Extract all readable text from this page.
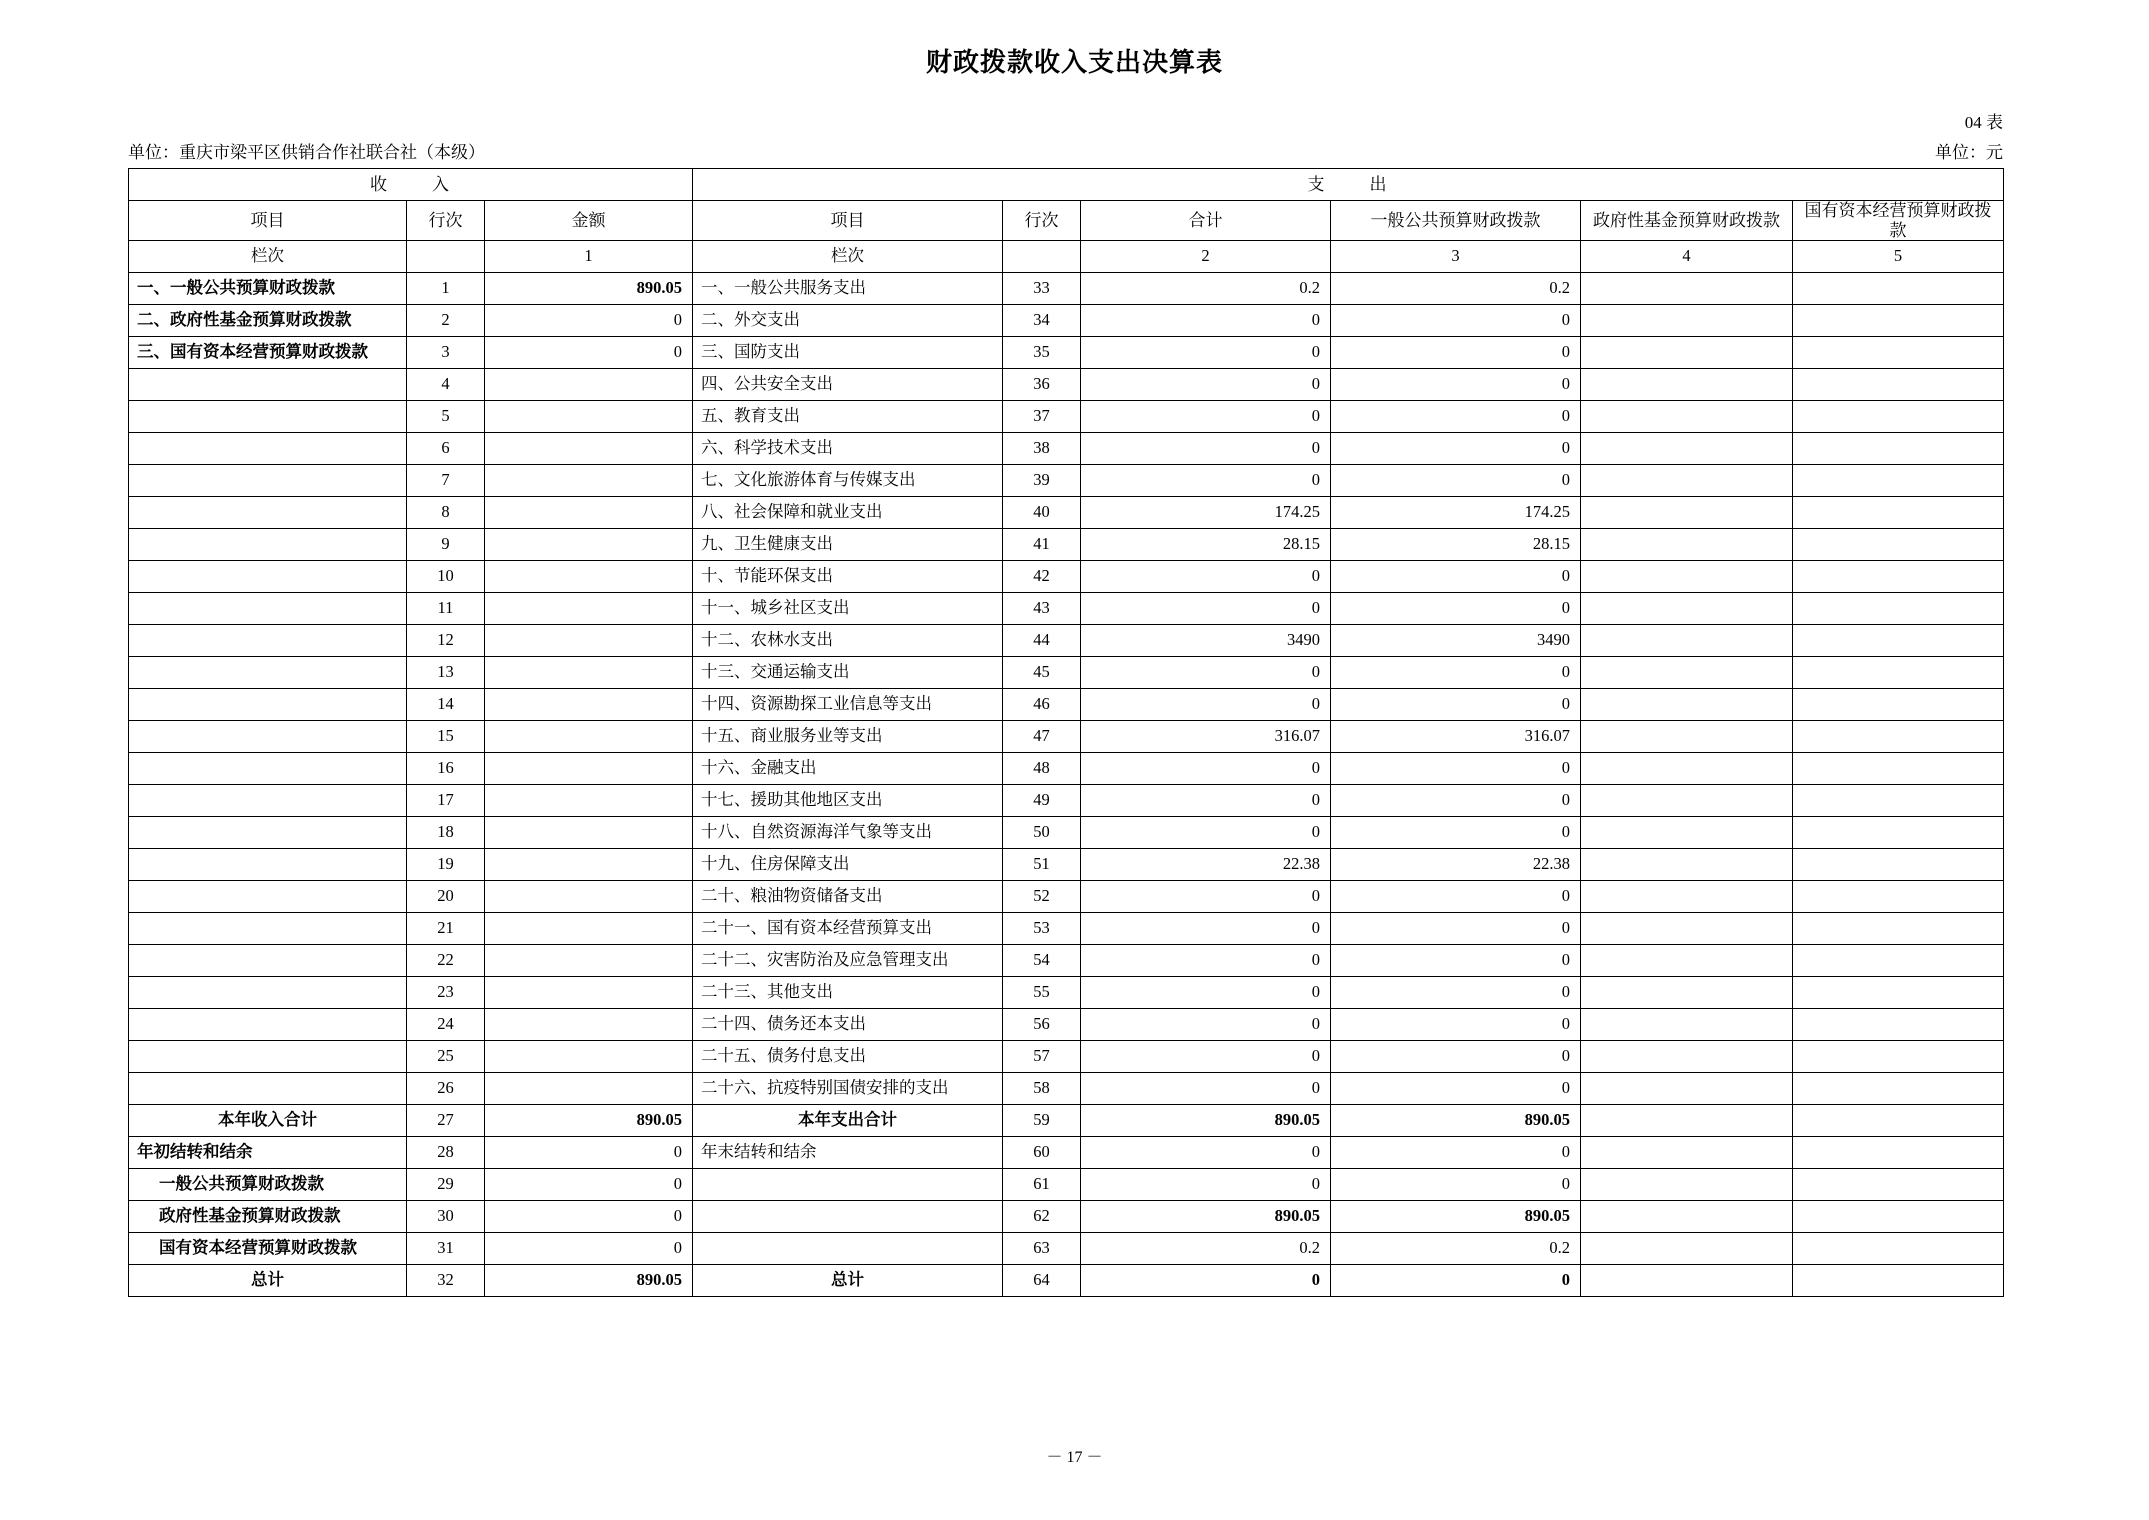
财政拨款收入支出决算表
04 表
单位：重庆市梁平区供销合作社联合社（本级）	单位：元
收　入			支　出					
项目	行次	金额	项目	行次	合计	一般公共预算财政拨款	政府性基金预算财政拨款	国有资本经营预算财政拨款
栏次		1	栏次		2	3	4	5
一、一般公共预算财政拨款	1	890.05	一、一般公共服务支出	33	0.2	0.2		
二、政府性基金预算财政拨款	2	0	二、外交支出	34	0	0		
三、国有资本经营预算财政拨款	3	0	三、国防支出	35	0	0		
	4		四、公共安全支出	36	0	0		
	5		五、教育支出	37	0	0		
	6		六、科学技术支出	38	0	0		
	7		七、文化旅游体育与传媒支出	39	0	0		
	8		八、社会保障和就业支出	40	174.25	174.25		
	9		九、卫生健康支出	41	28.15	28.15		
	10		十、节能环保支出	42	0	0		
	11		十一、城乡社区支出	43	0	0		
	12		十二、农林水支出	44	3490	3490		
	13		十三、交通运输支出	45	0	0		
	14		十四、资源勘探工业信息等支出	46	0	0		
	15		十五、商业服务业等支出	47	316.07	316.07		
	16		十六、金融支出	48	0	0		
	17		十七、援助其他地区支出	49	0	0		
	18		十八、自然资源海洋气象等支出	50	0	0		
	19		十九、住房保障支出	51	22.38	22.38		
	20		二十、粮油物资储备支出	52	0	0		
	21		二十一、国有资本经营预算支出	53	0	0		
	22		二十二、灾害防治及应急管理支出	54	0	0		
	23		二十三、其他支出	55	0	0		
	24		二十四、债务还本支出	56	0	0		
	25		二十五、债务付息支出	57	0	0		
	26		二十六、抗疫特别国债安排的支出	58	0	0		
本年收入合计	27	890.05	本年支出合计	59	890.05	890.05		
年初结转和结余	28	0	年末结转和结余	60	0	0		
一般公共预算财政拨款	29	0		61	0	0		
政府性基金预算财政拨款	30	0		62	890.05	890.05		
国有资本经营预算财政拨款	31	0		63	0.2	0.2		
总计	32	890.05	总计	64	0	0		
－ 17 －
